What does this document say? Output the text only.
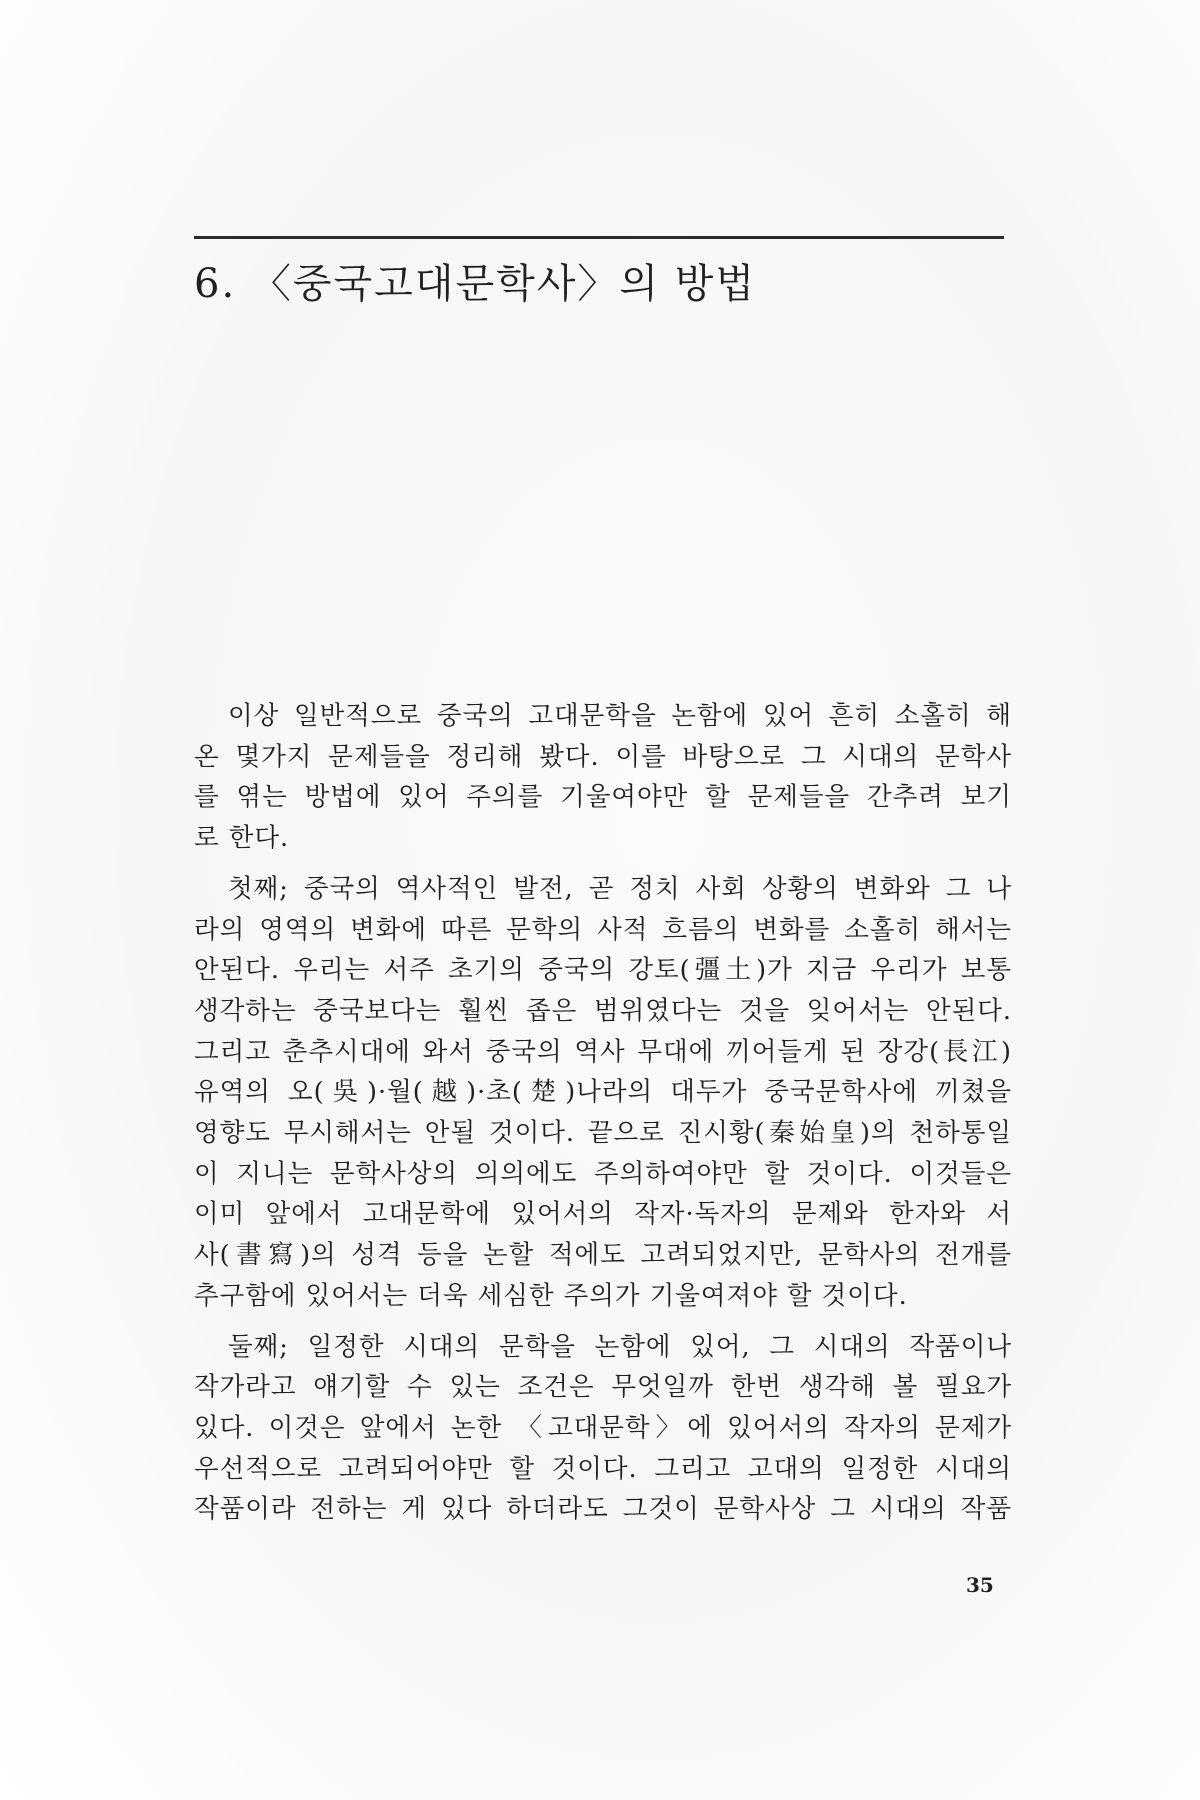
6. 〈중국고대문학사〉의 방법
이상 일반적으로 중국의 고대문학을 논함에 있어 흔히 소홀히 해
온 몇가지 문제들을 정리해 봤다. 이를 바탕으로 그 시대의 문학사
를 엮는 방법에 있어 주의를 기울여야만 할 문제들을 간추려 보기
로 한다.
첫째; 중국의 역사적인 발전, 곧 정치 사회 상황의 변화와 그 나
라의 영역의 변화에 따른 문학의 사적 흐름의 변화를 소홀히 해서는
안된다. 우리는 서주 초기의 중국의 강토(彊土)가 지금 우리가 보통
생각하는 중국보다는 훨씬 좁은 범위였다는 것을 잊어서는 안된다.
그리고 춘추시대에 와서 중국의 역사 무대에 끼어들게 된 장강(長江)
유역의 오(吳)·월(越)·초(楚)나라의 대두가 중국문학사에 끼쳤을
영향도 무시해서는 안될 것이다. 끝으로 진시황(秦始皇)의 천하통일
이 지니는 문학사상의 의의에도 주의하여야만 할 것이다. 이것들은
이미 앞에서 고대문학에 있어서의 작자·독자의 문제와 한자와 서
사(書寫)의 성격 등을 논할 적에도 고려되었지만, 문학사의 전개를
추구함에 있어서는 더욱 세심한 주의가 기울여져야 할 것이다.
둘째; 일정한 시대의 문학을 논함에 있어, 그 시대의 작품이나
작가라고 얘기할 수 있는 조건은 무엇일까 한번 생각해 볼 필요가
있다. 이것은 앞에서 논한 〈고대문학〉에 있어서의 작자의 문제가
우선적으로 고려되어야만 할 것이다. 그리고 고대의 일정한 시대의
작품이라 전하는 게 있다 하더라도 그것이 문학사상 그 시대의 작품
35
